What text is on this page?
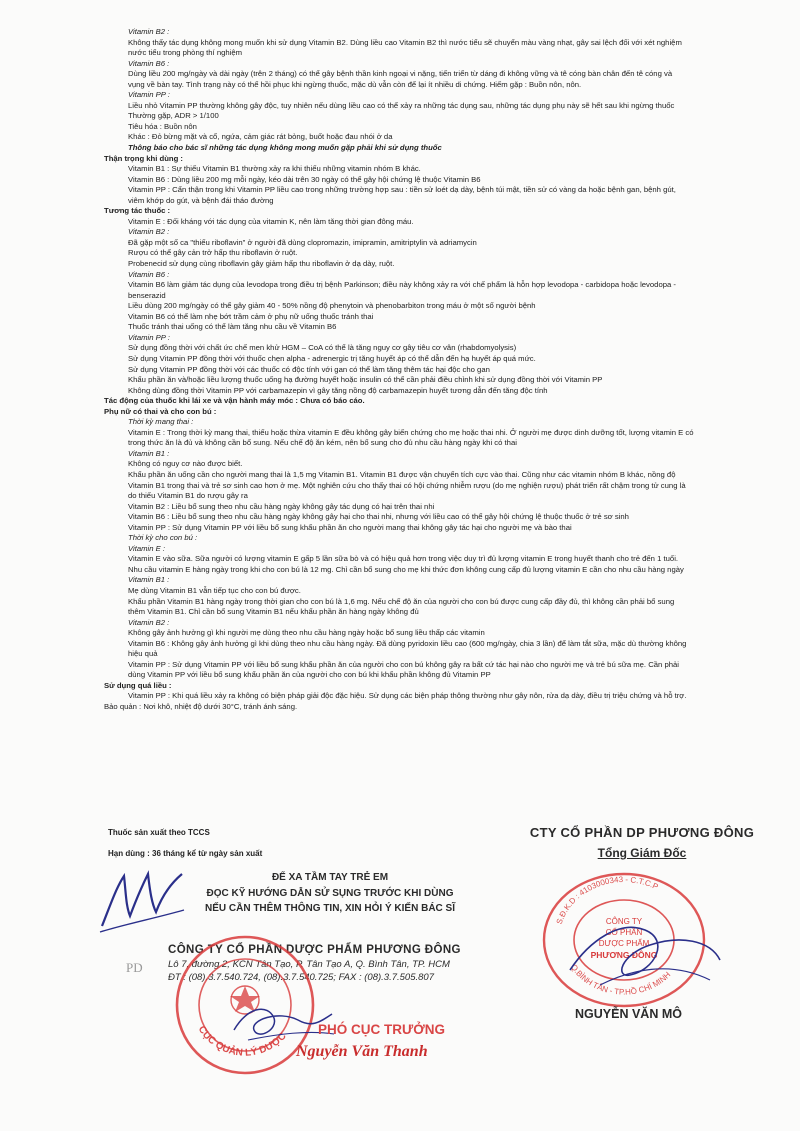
Vitamin B2 :
Không thấy tác dụng không mong muốn khi sử dụng Vitamin B2. Dùng liều cao Vitamin B2 thì nước tiểu sẽ chuyển màu vàng nhạt, gây sai lệch đối với xét nghiệm
nước tiểu trong phòng thí nghiệm
Vitamin B6 :
Dùng liều 200 mg/ngày và dài ngày (trên 2 tháng) có thể gây bệnh thần kinh ngoại vi nặng, tiến triển từ dáng đi không vững và tê cóng bàn chân đến tê cóng và
vụng về bàn tay. Tình trạng này có thể hồi phục khi ngừng thuốc, mặc dù vẫn còn để lại ít nhiều di chứng. Hiếm gặp : Buồn nôn, nôn.
Vitamin PP :
Liều nhỏ Vitamin PP thường không gây độc, tuy nhiên nếu dùng liều cao có thể xảy ra những tác dụng sau, những tác dụng phụ này sẽ hết sau khi ngừng thuốc
Thường gặp, ADR > 1/100
Tiêu hóa : Buồn nôn
Khác : Đỏ bừng mặt và cổ, ngứa, cảm giác rát bỏng, buốt hoặc đau nhói ở da
Thông báo cho bác sĩ những tác dụng không mong muốn gặp phải khi sử dụng thuốc
Thận trọng khi dùng :
Vitamin B1 : Sự thiếu Vitamin B1 thường xảy ra khi thiếu những vitamin nhóm B khác.
Vitamin B6 : Dùng liều 200 mg mỗi ngày, kéo dài trên 30 ngày có thể gây hội chứng lệ thuộc Vitamin B6
Vitamin PP : Cẩn thận trong khi Vitamin PP liều cao trong những trường hợp sau : tiền sử loét dạ dày, bệnh túi mật, tiền sử có vàng da hoặc bệnh gan, bệnh gút,
viêm khớp do gút, và bệnh đái tháo đường
Tương tác thuốc :
Vitamin E : Đối kháng với tác dụng của vitamin K, nên làm tăng thời gian đông máu.
Vitamin B2 :
Đã gặp một số ca "thiếu riboflavin" ở người đã dùng clopromazin, imipramin, amitriptylin và adriamycin
Rượu có thể gây cản trở hấp thu riboflavin ở ruột.
Probenecid sử dụng cùng riboflavin gây giảm hấp thu riboflavin ở dạ dày, ruột.
Vitamin B6 :
Vitamin B6 làm giảm tác dụng của levodopa trong điều trị bệnh Parkinson; điều này không xảy ra với chế phẩm là hỗn hợp levodopa - carbidopa hoặc levodopa -
benserazid
Liều dùng 200 mg/ngày có thể gây giảm 40 - 50% nồng độ phenytoin và phenobarbiton trong máu ở một số người bệnh
Vitamin B6 có thể làm nhẹ bớt trầm cảm ở phụ nữ uống thuốc tránh thai
Thuốc tránh thai uống có thể làm tăng nhu cầu về Vitamin B6
Vitamin PP :
Sử dụng đồng thời với chất ức chế men khử HGM – CoA có thể là tăng nguy cơ gây tiêu cơ vân (rhabdomyolysis)
Sử dụng Vitamin PP đồng thời với thuốc chẹn alpha - adrenergic trị tăng huyết áp có thể dẫn đến hạ huyết áp quá mức.
Sử dụng Vitamin PP đồng thời với các thuốc có độc tính với gan có thể làm tăng thêm tác hại độc cho gan
Khẩu phần ăn và/hoặc liều lượng thuốc uống hạ đường huyết hoặc insulin có thể cần phải điều chỉnh khi sử dụng đồng thời với Vitamin PP
Không dùng đồng thời Vitamin PP với carbamazepin vì gây tăng nồng độ carbamazepin huyết tương dẫn đến tăng độc tính
Tác động của thuốc khi lái xe và vận hành máy móc : Chưa có báo cáo.
Phụ nữ có thai và cho con bú :
Thời kỳ mang thai :
Vitamin E : Trong thời kỳ mang thai, thiếu hoặc thừa vitamin E đều không gây biến chứng cho mẹ hoặc thai nhi. Ở người mẹ được dinh dưỡng tốt, lượng vitamin E có
trong thức ăn là đủ và không cần bổ sung. Nếu chế độ ăn kém, nên bổ sung cho đủ nhu cầu hàng ngày khi có thai
Vitamin B1 :
Không có nguy cơ nào được biết.
Khẩu phần ăn uống cần cho người mang thai là 1,5 mg Vitamin B1. Vitamin B1 được vận chuyển tích cực vào thai. Cũng như các vitamin nhóm B khác, nồng độ
Vitamin B1 trong thai và trẻ sơ sinh cao hơn ở mẹ. Một nghiên cứu cho thấy thai có hội chứng nhiễm rượu (do mẹ nghiện rượu) phát triển rất chậm trong tử cung là
do thiếu Vitamin B1 do rượu gây ra
Vitamin B2 : Liều bổ sung theo nhu cầu hàng ngày không gây tác dụng có hại trên thai nhi
Vitamin B6 : Liều bổ sung theo nhu cầu hàng ngày không gây hại cho thai nhi, nhưng với liều cao có thể gây hội chứng lệ thuộc thuốc ở trẻ sơ sinh
Vitamin PP : Sử dụng Vitamin PP với liều bổ sung khẩu phần ăn cho người mang thai không gây tác hại cho người mẹ và bào thai
Thời kỳ cho con bú :
Vitamin E :
Vitamin E vào sữa. Sữa người có lượng vitamin E gấp 5 lần sữa bò và có hiệu quả hơn trong việc duy trì đủ lượng vitamin E trong huyết thanh cho trẻ đến 1 tuổi.
Nhu cầu vitamin E hàng ngày trong khi cho con bú là 12 mg. Chỉ cần bổ sung cho mẹ khi thức đơn không cung cấp đủ lượng vitamin E cần cho nhu cầu hàng ngày
Vitamin B1 :
Mẹ dùng Vitamin B1 vẫn tiếp tục cho con bú được.
Khẩu phần Vitamin B1 hàng ngày trong thời gian cho con bú là 1,6 mg. Nếu chế độ ăn của người cho con bú được cung cấp đầy đủ, thì không cần phải bổ sung
thêm Vitamin B1. Chỉ cần bổ sung Vitamin B1 nếu khẩu phần ăn hàng ngày không đủ
Vitamin B2 :
Không gây ảnh hưởng gì khi người mẹ dùng theo nhu cầu hàng ngày hoặc bổ sung liều thấp các vitamin
Vitamin B6 : Không gây ảnh hưởng gì khi dùng theo nhu cầu hàng ngày. Đã dùng pyridoxin liều cao (600 mg/ngày, chia 3 lần) để làm tắt sữa, mặc dù thường không
hiệu quả
Vitamin PP : Sử dụng Vitamin PP với liều bổ sung khẩu phần ăn của người cho con bú không gây ra bất cứ tác hại nào cho người mẹ và trẻ bú sữa mẹ. Cần phải
dùng Vitamin PP với liều bổ sung khẩu phần ăn của người cho con bú khi khẩu phần không đủ Vitamin PP
Sử dụng quá liều :
Vitamin PP : Khi quá liều xảy ra không có biện pháp giải độc đặc hiệu. Sử dụng các biện pháp thông thường như gây nôn, rửa dạ dày, điều trị triệu chứng và hỗ trợ.
Bảo quản : Nơi khô, nhiệt độ dưới 30°C, tránh ánh sáng.
Thuốc sản xuất theo TCCS
Hạn dùng : 36 tháng kể từ ngày sản xuất
CTY CỔ PHẦN DP PHƯƠNG ĐÔNG
Tổng Giám Đốc
S.Đ.K.D : 4103000343 - C.T.C.P
Q.BÌNH TÂN - TP.HỒ CHÍ MINH
CÔNG TY
CỔ PHẦN
DƯỢC PHẨM
PHƯƠNG ĐÔNG
NGUYỄN VĂN MÔ
ĐỂ XA TẦM TAY TRẺ EM
ĐỌC KỸ HƯỚNG DẪN SỬ SỤNG TRƯỚC KHI DÙNG
NẾU CẦN THÊM THÔNG TIN, XIN HỎI Ý KIẾN BÁC SĨ
PD
CÔNG TY CỔ PHẦN DƯỢC PHẨM PHƯƠNG ĐÔNG
Lô 7, đường 2, KCN Tân Tạo, P. Tân Tạo A, Q. Bình Tân, TP. HCM
ĐT : (08).3.7.540.724, (08).3.7.540.725; FAX : (08).3.7.505.807
CỤC QUẢN LÝ DƯỢC
PHÓ CỤC TRƯỞNG
Nguyễn Văn Thanh
